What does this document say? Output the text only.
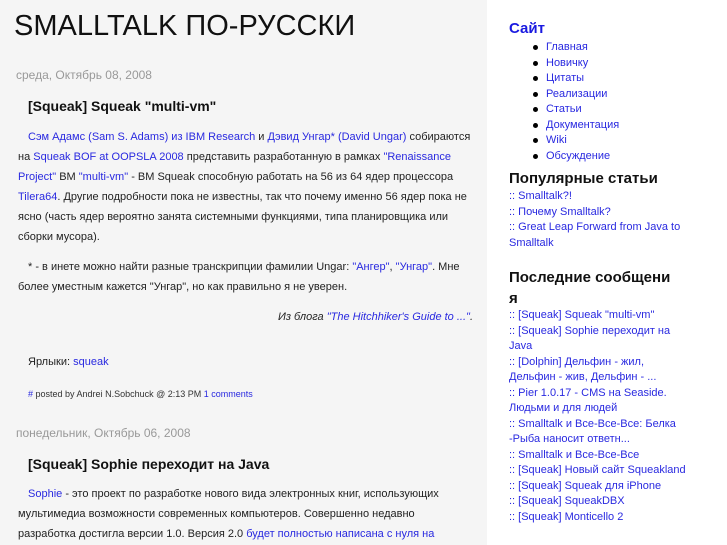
SMALLTALK ПО-РУССКИ
среда, Октябрь 08, 2008
[Squeak] Squeak "multi-vm"

Сэм Адамс (Sam S. Adams) из IBM Research и Дэвид Унгар* (David Ungar) собираются на Squeak BOF at OOPSLA 2008 представить разработанную в рамках "Renaissance Project" ВМ "multi-vm" - ВМ Squeak способную работать на 56 из 64 ядер процессора Tilera64. Другие подробности пока не известны, так что почему именно 56 ядер пока не ясно (часть ядер вероятно занята системными функциями, типа планировщика или сборки мусора).

* - в инете можно найти разные транскрипции фамилии Ungar: "Ангер", "Унгар". Мне более уместным кажется "Унгар", но как правильно я не уверен.

Из блога "The Hitchhiker's Guide to ...".

Ярлыки: squeak
# posted by Andrei N.Sobchuck @ 2:13 PM 1 comments
понедельник, Октябрь 06, 2008
[Squeak] Sophie переходит на Java

Sophie - это проект по разработке нового вида электронных книг, использующих мультимедиа возможности современных компьютеров. Совершенно недавно разработка достигла версии 1.0. Версия 2.0 будет полностью написана с нуля на

Сайт
Главная
Новичку
Цитаты
Реализации
Статьи
Документация
Wiki
Обсуждение
Популярные статьи
:: Smalltalk?!
:: Почему Smalltalk?
:: Great Leap Forward from Java to Smalltalk
Последние сообщения
:: [Squeak] Squeak "multi-vm"
:: [Squeak] Sophie переходит на Java
:: [Dolphin] Дельфин - жил, Дельфин - жив, Дельфин - ...
:: Pier 1.0.17 - CMS на Seaside. Людьми и для людей
:: Smalltalk и Все-Все-Все: Белка -Рыба наносит ответн...
:: Smalltalk и Все-Все-Все
:: [Squeak] Новый сайт Squeakland
:: [Squeak] Squeak для iPhone
:: [Squeak] SqueakDBX
:: [Squeak] Monticello 2
